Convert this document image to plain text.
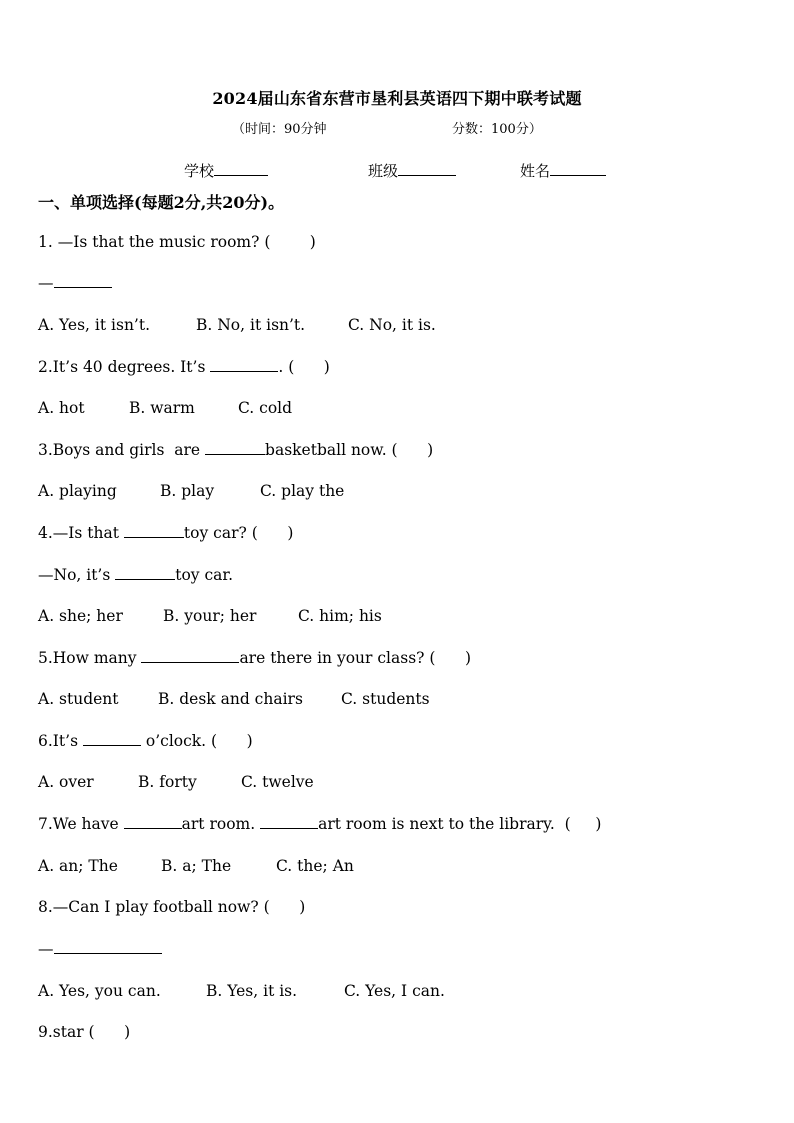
2024届山东省东营市垦利县英语四下期中联考试题
（时间：90分钟	分数：100分）
学校	班级	姓名
一、单项选择(每题2分,共20分)。
1. —Is that the music room? (        )
—
A. Yes, it isn’t.	B. No, it isn’t.	C. No, it is.
2.It’s 40 degrees. It’s	. (      )
A. hot	B. warm	C. cold
3.Boys and girls  are	basketball now. (      )
A. playing	B. play	C. play the
4.—Is that	toy car? (      )
—No, it’s	toy car.
A. she; her	B. your; her	C. him; his
5.How many	are there in your class? (      )
A. student	B. desk and chairs C. students
6.It’s	o’clock. (      )
A. over	B. forty	C. twelve
7.We have	art room.	art room is next to the library.  (     )
A. an; The	B. a; The	C. the; An
8.—Can I play football now? (      )
—
A. Yes, you can.	B. Yes, it is.	C. Yes, I can.
9.star (      )
